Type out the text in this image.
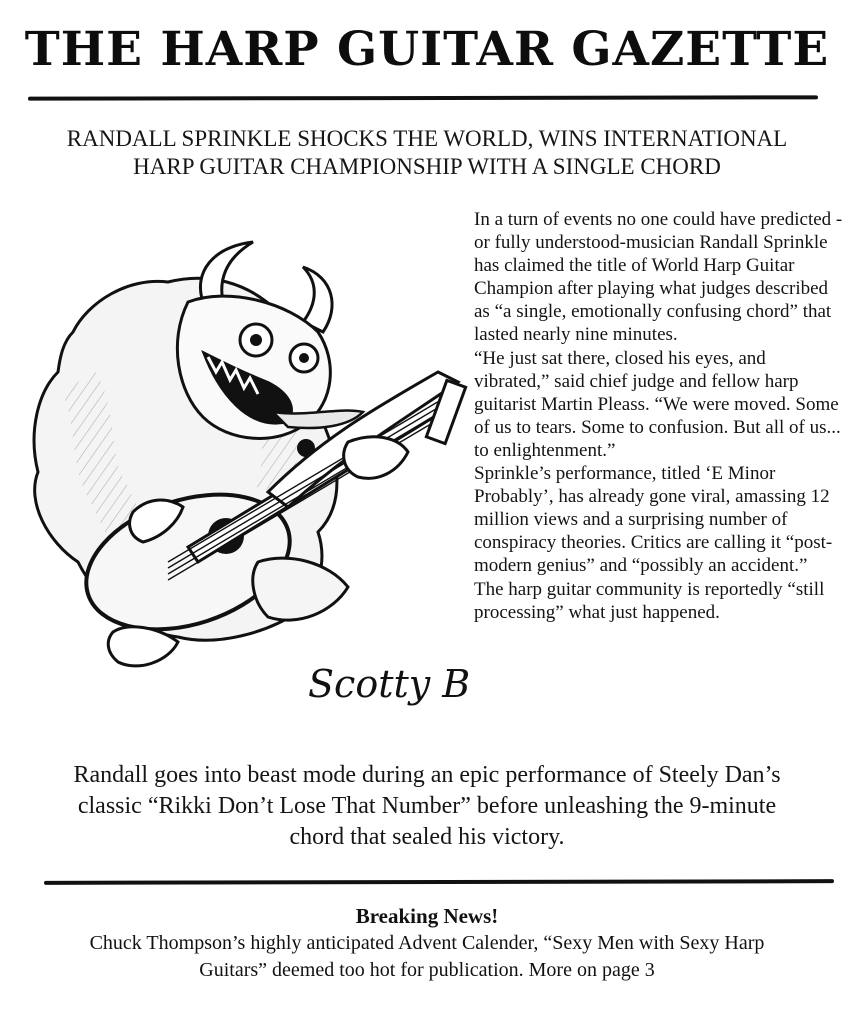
THE HARP GUITAR GAZETTE
RANDALL SPRINKLE SHOCKS THE WORLD, WINS INTERNATIONAL
HARP GUITAR CHAMPIONSHIP WITH A SINGLE CHORD
Scotty B

In a turn of events no one could have predicted - or fully understood-musician Randall Sprinkle has claimed the title of World Harp Guitar Champion after playing what judges described as “a single, emotionally confusing chord” that lasted nearly nine minutes.

“He just sat there, closed his eyes, and vibrated,” said chief judge and fellow harp guitarist Martin Pleass. “We were moved. Some of us to tears. Some to confusion. But all of us... to enlightenment.”

Sprinkle’s performance, titled ‘E Minor Probably’, has already gone viral, amassing 12 million views and a surprising number of conspiracy theories. Critics are calling it “post-modern genius” and “possibly an accident.”

The harp guitar community is reportedly “still processing” what just happened.

Randall goes into beast mode during an epic performance of Steely Dan’s classic “Rikki Don’t Lose That Number” before unleashing the 9-minute chord that sealed his victory.
Breaking News!
Chuck Thompson’s highly anticipated Advent Calender, “Sexy Men with Sexy Harp Guitars” deemed too hot for publication. More on page 3
